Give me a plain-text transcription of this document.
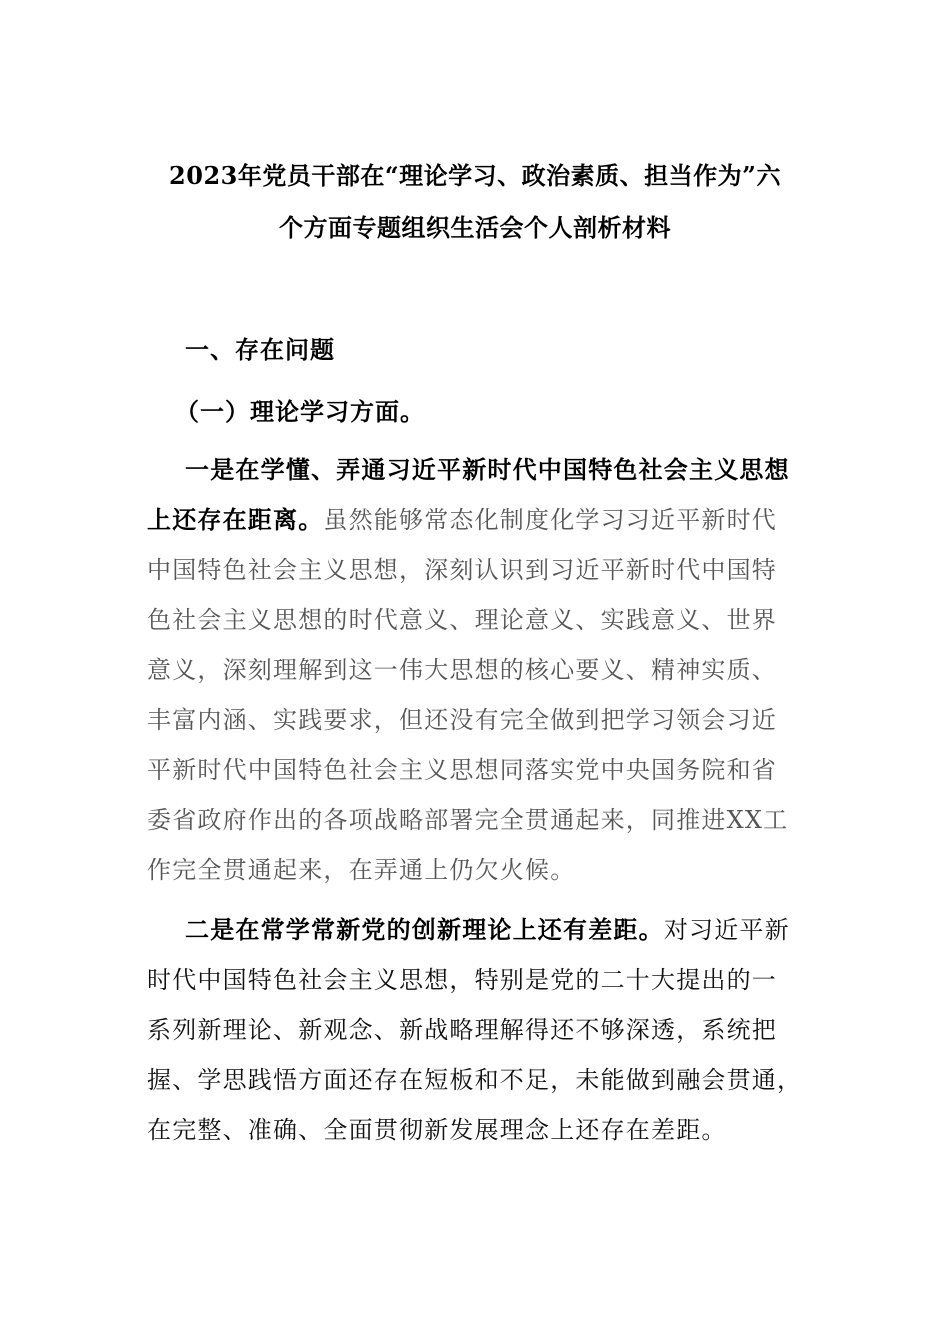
2023年党员干部在“理论学习、政治素质、担当作为”六
个方面专题组织生活会个人剖析材料
一、存在问题
（一）理论学习方面。
一是在学懂、弄通习近平新时代中国特色社会主义思想
上还存在距离。虽然能够常态化制度化学习习近平新时代
中国特色社会主义思想，深刻认识到习近平新时代中国特
色社会主义思想的时代意义、理论意义、实践意义、世界
意义，深刻理解到这一伟大思想的核心要义、精神实质、
丰富内涵、实践要求，但还没有完全做到把学习领会习近
平新时代中国特色社会主义思想同落实党中央国务院和省
委省政府作出的各项战略部署完全贯通起来，同推进XX工
作完全贯通起来，在弄通上仍欠火候。
二是在常学常新党的创新理论上还有差距。对习近平新
时代中国特色社会主义思想，特别是党的二十大提出的一
系列新理论、新观念、新战略理解得还不够深透，系统把
握、学思践悟方面还存在短板和不足，未能做到融会贯通，
在完整、准确、全面贯彻新发展理念上还存在差距。
